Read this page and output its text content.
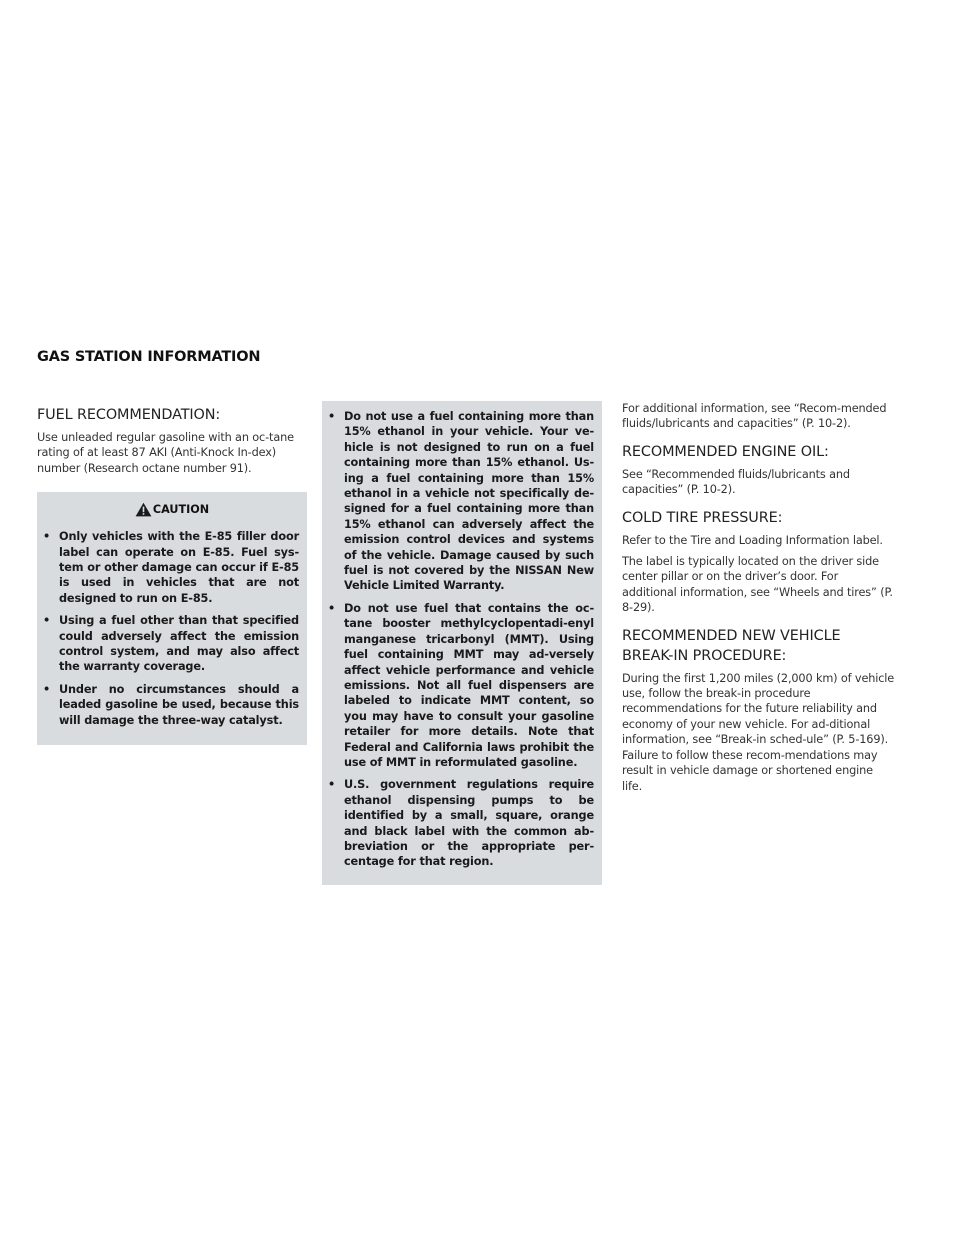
GAS STATION INFORMATION
FUEL RECOMMENDATION:

Use unleaded regular gasoline with an oc-tane rating of at least 87 AKI (Anti-Knock In-dex) number (Research octane number 91).

CAUTION
• Only vehicles with the E-85 filler door label can operate on E-85. Fuel sys-tem or other damage can occur if E-85 is used in vehicles that are not designed to run on E-85.
• Using a fuel other than that specified could adversely affect the emission control system, and may also affect the warranty coverage.
• Under no circumstances should a leaded gasoline be used, because this will damage the three-way catalyst.
• Do not use a fuel containing more than 15% ethanol in your vehicle. Your ve-hicle is not designed to run on a fuel containing more than 15% ethanol. Us-ing a fuel containing more than 15% ethanol in a vehicle not specifically de-signed for a fuel containing more than 15% ethanol can adversely affect the emission control devices and systems of the vehicle. Damage caused by such fuel is not covered by the NISSAN New Vehicle Limited Warranty.
• Do not use fuel that contains the oc-tane booster methylcyclopentadi-enyl manganese tricarbonyl (MMT). Using fuel containing MMT may ad-versely affect vehicle performance and vehicle emissions. Not all fuel dispensers are labeled to indicate MMT content, so you may have to consult your gasoline retailer for more details. Note that Federal and California laws prohibit the use of MMT in reformulated gasoline.
• U.S. government regulations require ethanol dispensing pumps to be identified by a small, square, orange and black label with the common ab-breviation or the appropriate per-centage for that region.

For additional information, see “Recom-mended fluids/lubricants and capacities” (P. 10-2).

RECOMMENDED ENGINE OIL:

See “Recommended fluids/lubricants and capacities” (P. 10-2).

COLD TIRE PRESSURE:

Refer to the Tire and Loading Information label.

The label is typically located on the driver side center pillar or on the driver’s door. For additional information, see “Wheels and tires” (P. 8-29).

RECOMMENDED NEW VEHICLE
BREAK-IN PROCEDURE:

During the first 1,200 miles (2,000 km) of vehicle use, follow the break-in procedure recommendations for the future reliability and economy of your new vehicle. For ad-ditional information, see “Break-in sched-ule” (P. 5-169). Failure to follow these recom-mendations may result in vehicle damage or shortened engine life.
